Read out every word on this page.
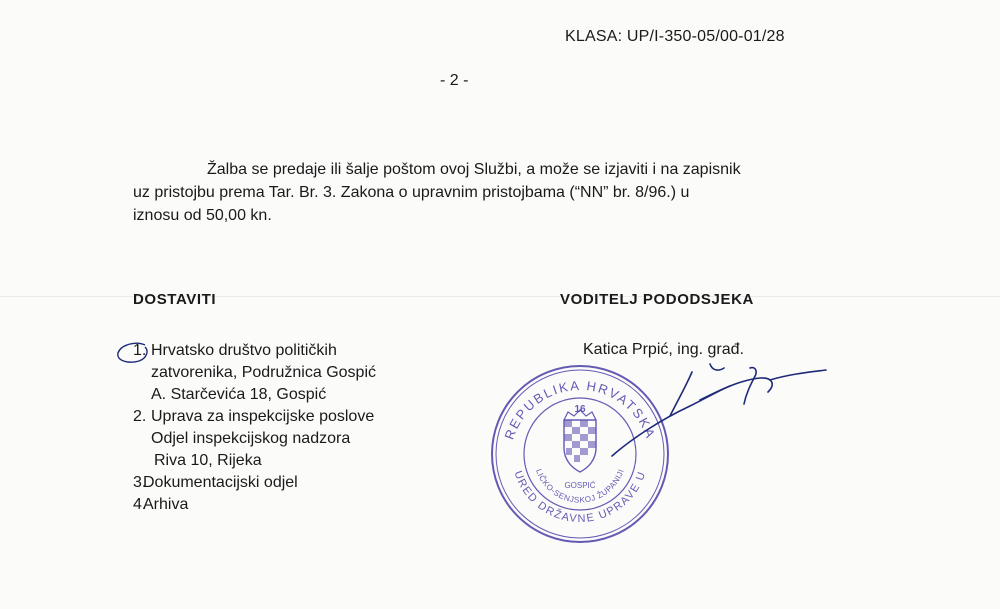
KLASA: UP/I-350-05/00-01/28
- 2 -
Žalba se predaje ili šalje poštom ovoj Službi, a može se izjaviti i na zapisnik
uz pristojbu prema Tar. Br. 3. Zakona o upravnim pristojbama (“NN” br. 8/96.) u
iznosu od 50,00 kn.
DOSTAVITI	VODITELJ PODODSJEKA
Katica Prpić, ing. građ.
1. Hrvatsko društvo političkih
zatvorenika, Podružnica Gospić
A. Starčevića 18, Gospić
2. Uprava za inspekcijske poslove
Odjel inspekcijskog nadzora
Riva 10, Rijeka
3.Dokumentacijski odjel
4.Arhiva
REPUBLIKA HRVATSKA
URED DRŽAVNE UPRAVE U
LIČKO-SENJSKOJ ŽUPANIJI
16
GOSPIĆ
